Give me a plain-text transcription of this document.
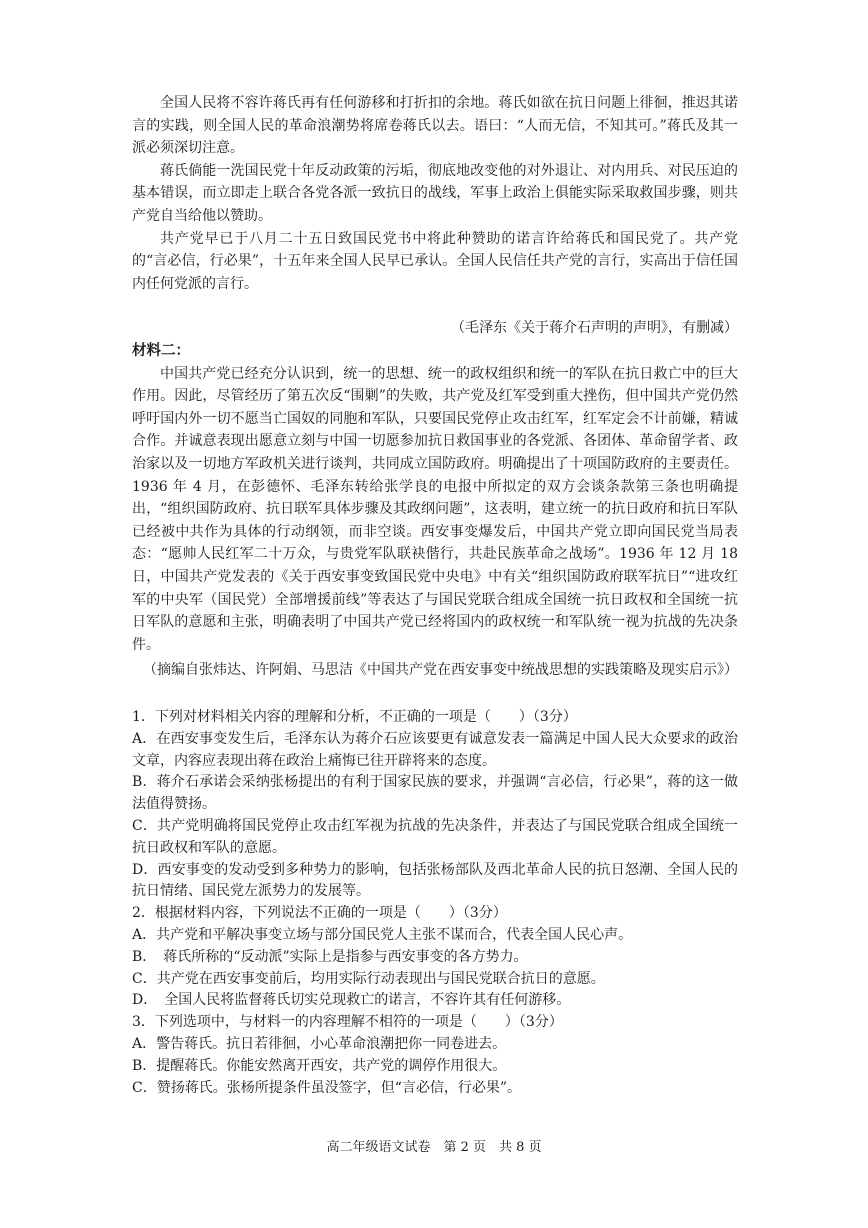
全国人民将不容许蒋氏再有任何游移和打折扣的余地。蒋氏如欲在抗日问题上徘徊，推迟其诺言的实践，则全国人民的革命浪潮势将席卷蒋氏以去。语曰：“人而无信，不知其可。”蒋氏及其一派必须深切注意。

蒋氏倘能一洗国民党十年反动政策的污垢，彻底地改变他的对外退让、对内用兵、对民压迫的基本错误，而立即走上联合各党各派一致抗日的战线，军事上政治上俱能实际采取救国步骤，则共产党自当给他以赞助。

共产党早已于八月二十五日致国民党书中将此种赞助的诺言许给蒋氏和国民党了。共产党的“言必信，行必果”，十五年来全国人民早已承认。全国人民信任共产党的言行，实高出于信任国内任何党派的言行。

（毛泽东《关于蒋介石声明的声明》，有删减）

材料二：

中国共产党已经充分认识到，统一的思想、统一的政权组织和统一的军队在抗日救亡中的巨大作用。因此，尽管经历了第五次反“围剿”的失败，共产党及红军受到重大挫伤，但中国共产党仍然呼吁国内外一切不愿当亡国奴的同胞和军队，只要国民党停止攻击红军，红军定会不计前嫌，精诚合作。并诚意表现出愿意立刻与中国一切愿参加抗日救国事业的各党派、各团体、革命留学者、政治家以及一切地方军政机关进行谈判，共同成立国防政府。明确提出了十项国防政府的主要责任。1936 年 4 月，在彭德怀、毛泽东转给张学良的电报中所拟定的双方会谈条款第三条也明确提出，“组织国防政府、抗日联军具体步骤及其政纲问题”，这表明，建立统一的抗日政府和抗日军队已经被中共作为具体的行动纲领，而非空谈。西安事变爆发后，中国共产党立即向国民党当局表态：“愿帅人民红军二十万众，与贵党军队联袂偕行，共赴民族革命之战场”。1936 年 12 月 18 日，中国共产党发表的《关于西安事变致国民党中央电》中有关“组织国防政府联军抗日”“进攻红军的中央军（国民党）全部增援前线”等表达了与国民党联合组成全国统一抗日政权和全国统一抗日军队的意愿和主张，明确表明了中国共产党已经将国内的政权统一和军队统一视为抗战的先决条件。

（摘编自张炜达、许阿娟、马思洁《中国共产党在西安事变中统战思想的实践策略及现实启示》）

1．下列对材料相关内容的理解和分析，不正确的一项是（　　）（3分）

A．在西安事变发生后，毛泽东认为蒋介石应该要更有诚意发表一篇满足中国人民大众要求的政治文章，内容应表现出蒋在政治上痛悔已往开辟将来的态度。

B．蒋介石承诺会采纳张杨提出的有利于国家民族的要求，并强调“言必信，行必果”，蒋的这一做法值得赞扬。

C．共产党明确将国民党停止攻击红军视为抗战的先决条件，并表达了与国民党联合组成全国统一抗日政权和军队的意愿。

D．西安事变的发动受到多种势力的影响，包括张杨部队及西北革命人民的抗日怒潮、全国人民的抗日情绪、国民党左派势力的发展等。

2．根据材料内容，下列说法不正确的一项是（　　）（3分）

A．共产党和平解决事变立场与部分国民党人主张不谋而合，代表全国人民心声。

B．　蒋氏所称的“反动派”实际上是指参与西安事变的各方势力。

C．共产党在西安事变前后，均用实际行动表现出与国民党联合抗日的意愿。

D．　全国人民将监督蒋氏切实兑现救亡的诺言，不容许其有任何游移。

3．下列选项中，与材料一的内容理解不相符的一项是（　　）（3分）

A．警告蒋氏。抗日若徘徊，小心革命浪潮把你一同卷进去。

B．提醒蒋氏。你能安然离开西安，共产党的调停作用很大。

C．赞扬蒋氏。张杨所提条件虽没签字，但“言必信，行必果”。

高二年级语文试卷　第 2 页　共 8 页
